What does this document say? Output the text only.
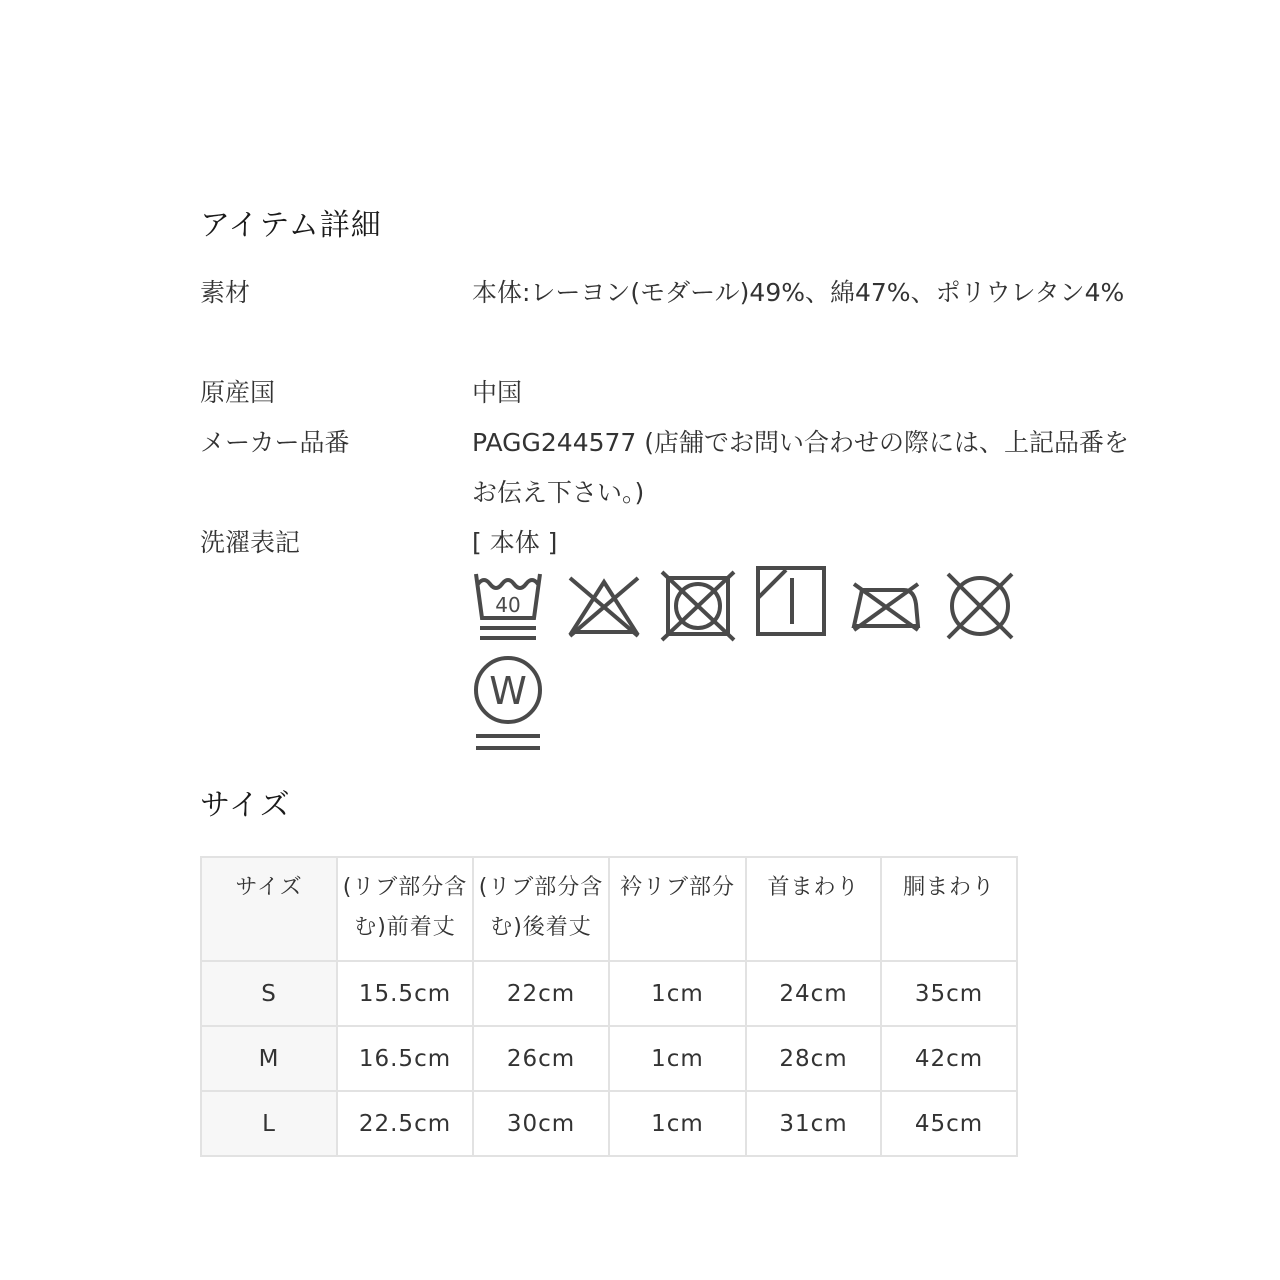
アイテム詳細
素材	本体:レーヨン(モダール)49%、綿47%、ポリウレタン4%
原産国	中国
メーカー品番	PAGG244577 (店舗でお問い合わせの際には、上記品番をお伝え下さい。)
洗濯表記	[ 本体 ]
40
W
サイズ
サイズ	(リブ部分含む)前着丈	(リブ部分含む)後着丈	衿リブ部分	首まわり	胴まわり

S	15.5cm	22cm	1cm	24cm	35cm
M	16.5cm	26cm	1cm	28cm	42cm
L	22.5cm	30cm	1cm	31cm	45cm
